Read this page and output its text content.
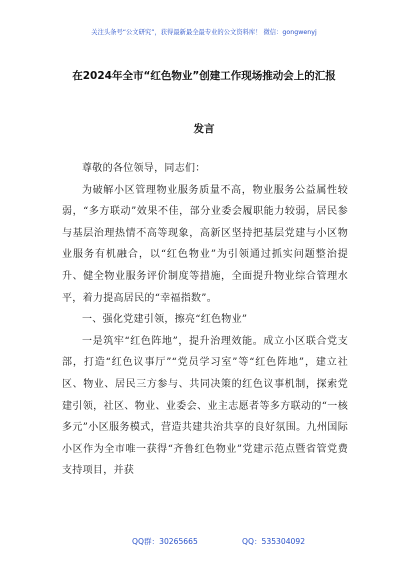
关注头条号“公文研究”，获得最新最全最专业的公文资料库！ 微信：gongwenyj
在2024年全市“红色物业”创建工作现场推动会上的汇报
发言

尊敬的各位领导，同志们：

为破解小区管理物业服务质量不高，物业服务公益属性较弱，“多方联动”效果不佳，部分业委会履职能力较弱，居民参与基层治理热情不高等现象，高新区坚持把基层党建与小区物业服务有机融合，以“红色物业”为引领通过抓实问题整治提升、健全物业服务评价制度等措施，全面提升物业综合管理水平，着力提高居民的“幸福指数”。

一、强化党建引领，擦亮“红色物业”

一是筑牢“红色阵地”，提升治理效能。成立小区联合党支部，打造“红色议事厅”“党员学习室”等“红色阵地”，建立社区、物业、居民三方参与、共同决策的红色议事机制，探索党建引领，社区、物业、业委会、业主志愿者等多方联动的“一核多元”小区服务模式，营造共建共治共享的良好氛围。九州国际小区作为全市唯一获得“齐鲁红色物业”党建示范点暨省管党费支持项目，并获

QQ群：30265665	QQ：535304092
